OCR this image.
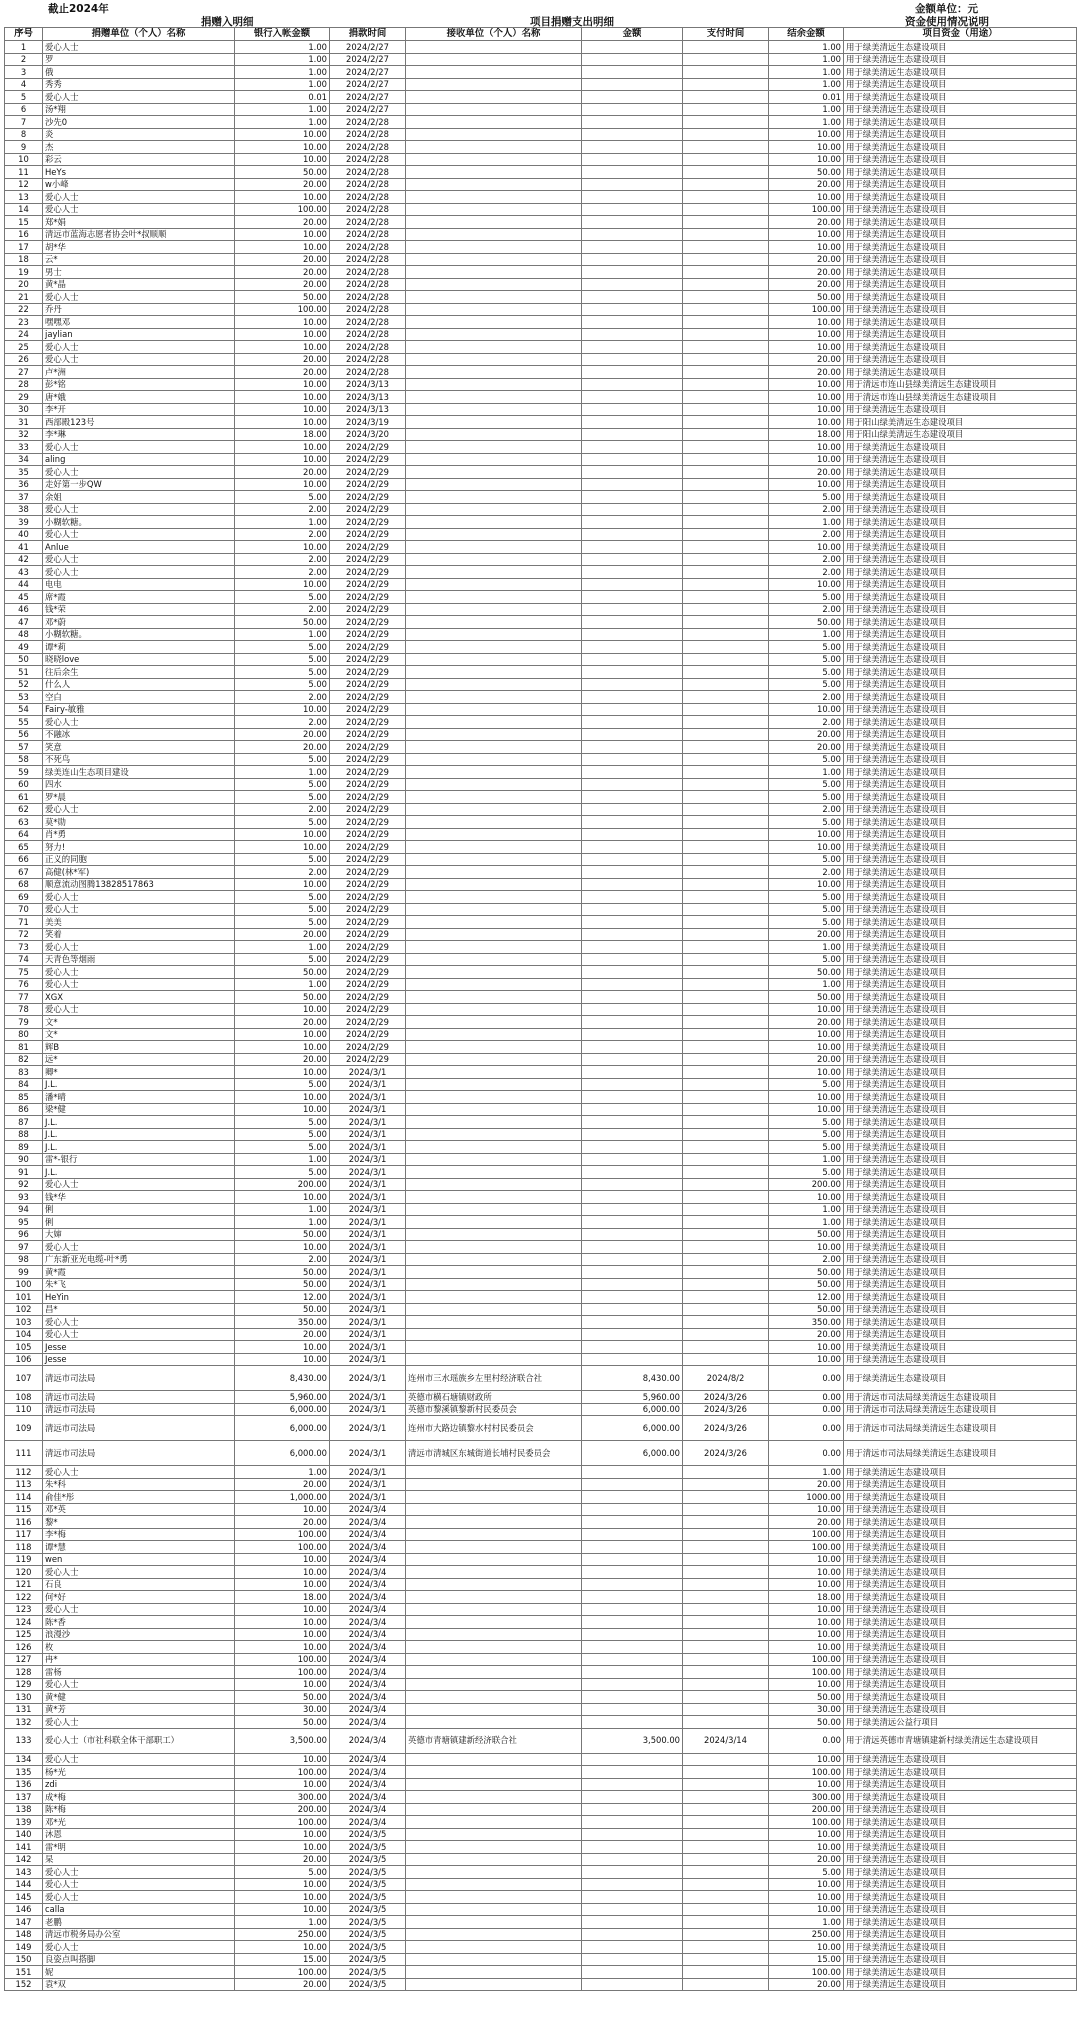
截止2024年	金额单位：元
捐赠入明细	项目捐赠支出明细	资金使用情况说明
序号	捐赠单位（个人）名称	银行入帐金额	捐款时间	接收单位（个人）名称	金额	支付时间	结余金额	项目资金（用途）
1	爱心人士	1.00	2024/2/27				1.00	用于绿美清远生态建设项目
2	罗	1.00	2024/2/27				1.00	用于绿美清远生态建设项目
3	俄	1.00	2024/2/27				1.00	用于绿美清远生态建设项目
4	秀秀	1.00	2024/2/27				1.00	用于绿美清远生态建设项目
5	爱心人士	0.01	2024/2/27				0.01	用于绿美清远生态建设项目
6	汤*翔	1.00	2024/2/27				1.00	用于绿美清远生态建设项目
7	沙先0	1.00	2024/2/28				1.00	用于绿美清远生态建设项目
8	炎	10.00	2024/2/28				10.00	用于绿美清远生态建设项目
9	杰	10.00	2024/2/28				10.00	用于绿美清远生态建设项目
10	彩云	10.00	2024/2/28				10.00	用于绿美清远生态建设项目
11	HeYs	50.00	2024/2/28				50.00	用于绿美清远生态建设项目
12	w小峰	20.00	2024/2/28				20.00	用于绿美清远生态建设项目
13	爱心人士	10.00	2024/2/28				10.00	用于绿美清远生态建设项目
14	爱心人士	100.00	2024/2/28				100.00	用于绿美清远生态建设项目
15	郑*娟	20.00	2024/2/28				20.00	用于绿美清远生态建设项目
16	清远市蓝海志愿者协会叶*叔顺顺	10.00	2024/2/28				10.00	用于绿美清远生态建设项目
17	胡*华	10.00	2024/2/28				10.00	用于绿美清远生态建设项目
18	云*	20.00	2024/2/28				20.00	用于绿美清远生态建设项目
19	男士	20.00	2024/2/28				20.00	用于绿美清远生态建设项目
20	黄*晶	20.00	2024/2/28				20.00	用于绿美清远生态建设项目
21	爱心人士	50.00	2024/2/28				50.00	用于绿美清远生态建设项目
22	乔丹	100.00	2024/2/28				100.00	用于绿美清远生态建设项目
23	嘿嘿邓	10.00	2024/2/28				10.00	用于绿美清远生态建设项目
24	jaylian	10.00	2024/2/28				10.00	用于绿美清远生态建设项目
25	爱心人士	10.00	2024/2/28				10.00	用于绿美清远生态建设项目
26	爱心人士	20.00	2024/2/28				20.00	用于绿美清远生态建设项目
27	卢*洲	20.00	2024/2/28				20.00	用于绿美清远生态建设项目
28	彭*铭	10.00	2024/3/13				10.00	用于清远市连山县绿美清远生态建设项目
29	唐*娥	10.00	2024/3/13				10.00	用于清远市连山县绿美清远生态建设项目
30	李*开	10.00	2024/3/13				10.00	用于绿美清远生态建设项目
31	西部殿123号	10.00	2024/3/19				10.00	用于阳山绿美清远生态建设项目
32	李*琳	18.00	2024/3/20				18.00	用于阳山绿美清远生态建设项目
33	爱心人士	10.00	2024/2/29				10.00	用于绿美清远生态建设项目
34	aling	10.00	2024/2/29				10.00	用于绿美清远生态建设项目
35	爱心人士	20.00	2024/2/29				20.00	用于绿美清远生态建设项目
36	走好第一步QW	10.00	2024/2/29				10.00	用于绿美清远生态建设项目
37	余姐	5.00	2024/2/29				5.00	用于绿美清远生态建设项目
38	爱心人士	2.00	2024/2/29				2.00	用于绿美清远生态建设项目
39	小糊软糖。	1.00	2024/2/29				1.00	用于绿美清远生态建设项目
40	爱心人士	2.00	2024/2/29				2.00	用于绿美清远生态建设项目
41	Anlue	10.00	2024/2/29				10.00	用于绿美清远生态建设项目
42	爱心人士	2.00	2024/2/29				2.00	用于绿美清远生态建设项目
43	爱心人士	2.00	2024/2/29				2.00	用于绿美清远生态建设项目
44	电电	10.00	2024/2/29				10.00	用于绿美清远生态建设项目
45	席*霞	5.00	2024/2/29				5.00	用于绿美清远生态建设项目
46	钱*荣	2.00	2024/2/29				2.00	用于绿美清远生态建设项目
47	邓*蔚	50.00	2024/2/29				50.00	用于绿美清远生态建设项目
48	小糊软糖。	1.00	2024/2/29				1.00	用于绿美清远生态建设项目
49	谭*莉	5.00	2024/2/29				5.00	用于绿美清远生态建设项目
50	晓晓love	5.00	2024/2/29				5.00	用于绿美清远生态建设项目
51	往后余生	5.00	2024/2/29				5.00	用于绿美清远生态建设项目
52	什么人	5.00	2024/2/29				5.00	用于绿美清远生态建设项目
53	空白	2.00	2024/2/29				2.00	用于绿美清远生态建设项目
54	Fairy-敏雅	10.00	2024/2/29				10.00	用于绿美清远生态建设项目
55	爱心人士	2.00	2024/2/29				2.00	用于绿美清远生态建设项目
56	不融冰	20.00	2024/2/29				20.00	用于绿美清远生态建设项目
57	笑意	20.00	2024/2/29				20.00	用于绿美清远生态建设项目
58	不死鸟	5.00	2024/2/29				5.00	用于绿美清远生态建设项目
59	绿美连山生态项目建设	1.00	2024/2/29				1.00	用于绿美清远生态建设项目
60	四水	5.00	2024/2/29				5.00	用于绿美清远生态建设项目
61	罗*晨	5.00	2024/2/29				5.00	用于绿美清远生态建设项目
62	爱心人士	2.00	2024/2/29				2.00	用于绿美清远生态建设项目
63	莫*勋	5.00	2024/2/29				5.00	用于绿美清远生态建设项目
64	肖*勇	10.00	2024/2/29				10.00	用于绿美清远生态建设项目
65	努力!	10.00	2024/2/29				10.00	用于绿美清远生态建设项目
66	正义的同胞	5.00	2024/2/29				5.00	用于绿美清远生态建设项目
67	高健(林*军)	2.00	2024/2/29				2.00	用于绿美清远生态建设项目
68	顺意流动图腾13828517863	10.00	2024/2/29				10.00	用于绿美清远生态建设项目
69	爱心人士	5.00	2024/2/29				5.00	用于绿美清远生态建设项目
70	爱心人士	5.00	2024/2/29				5.00	用于绿美清远生态建设项目
71	美美	5.00	2024/2/29				5.00	用于绿美清远生态建设项目
72	笑着	20.00	2024/2/29				20.00	用于绿美清远生态建设项目
73	爱心人士	1.00	2024/2/29				1.00	用于绿美清远生态建设项目
74	天青色等烟雨	5.00	2024/2/29				5.00	用于绿美清远生态建设项目
75	爱心人士	50.00	2024/2/29				50.00	用于绿美清远生态建设项目
76	爱心人士	1.00	2024/2/29				1.00	用于绿美清远生态建设项目
77	XGX	50.00	2024/2/29				50.00	用于绿美清远生态建设项目
78	爱心人士	10.00	2024/2/29				10.00	用于绿美清远生态建设项目
79	文*	20.00	2024/2/29				20.00	用于绿美清远生态建设项目
80	文*	10.00	2024/2/29				10.00	用于绿美清远生态建设项目
81	辉B	10.00	2024/2/29				10.00	用于绿美清远生态建设项目
82	远*	20.00	2024/2/29				20.00	用于绿美清远生态建设项目
83	卿*	10.00	2024/3/1				10.00	用于绿美清远生态建设项目
84	J.L.	5.00	2024/3/1				5.00	用于绿美清远生态建设项目
85	潘*晴	10.00	2024/3/1				10.00	用于绿美清远生态建设项目
86	梁*健	10.00	2024/3/1				10.00	用于绿美清远生态建设项目
87	J.L.	5.00	2024/3/1				5.00	用于绿美清远生态建设项目
88	J.L.	5.00	2024/3/1				5.00	用于绿美清远生态建设项目
89	J.L.	5.00	2024/3/1				5.00	用于绿美清远生态建设项目
90	雷*-银行	1.00	2024/3/1				1.00	用于绿美清远生态建设项目
91	J.L.	5.00	2024/3/1				5.00	用于绿美清远生态建设项目
92	爱心人士	200.00	2024/3/1				200.00	用于绿美清远生态建设项目
93	钱*华	10.00	2024/3/1				10.00	用于绿美清远生态建设项目
94	俐	1.00	2024/3/1				1.00	用于绿美清远生态建设项目
95	俐	1.00	2024/3/1				1.00	用于绿美清远生态建设项目
96	大婶	50.00	2024/3/1				50.00	用于绿美清远生态建设项目
97	爱心人士	10.00	2024/3/1				10.00	用于绿美清远生态建设项目
98	广东新亚光电缆-叶*勇	2.00	2024/3/1				2.00	用于绿美清远生态建设项目
99	黄*霞	50.00	2024/3/1				50.00	用于绿美清远生态建设项目
100	朱*飞	50.00	2024/3/1				50.00	用于绿美清远生态建设项目
101	HeYin	12.00	2024/3/1				12.00	用于绿美清远生态建设项目
102	昌*	50.00	2024/3/1				50.00	用于绿美清远生态建设项目
103	爱心人士	350.00	2024/3/1				350.00	用于绿美清远生态建设项目
104	爱心人士	20.00	2024/3/1				20.00	用于绿美清远生态建设项目
105	Jesse	10.00	2024/3/1				10.00	用于绿美清远生态建设项目
106	Jesse	10.00	2024/3/1				10.00	用于绿美清远生态建设项目
107	清远市司法局	8,430.00	2024/3/1	连州市三水瑶族乡左里村经济联合社	8,430.00	2024/8/2	0.00	用于绿美清远生态建设项目
108	清远市司法局	5,960.00	2024/3/1	英德市横石塘镇财政所	5,960.00	2024/3/26	0.00	用于清远市司法局绿美清远生态建设项目
110	清远市司法局	6,000.00	2024/3/1	英德市黎溪镇黎新村民委员会	6,000.00	2024/3/26	0.00	用于清远市司法局绿美清远生态建设项目
109	清远市司法局	6,000.00	2024/3/1	连州市大路边镇黎水村村民委员会	6,000.00	2024/3/26	0.00	用于清远市司法局绿美清远生态建设项目
111	清远市司法局	6,000.00	2024/3/1	清远市清城区东城街道长埔村民委员会	6,000.00	2024/3/26	0.00	用于清远市司法局绿美清远生态建设项目
112	爱心人士	1.00	2024/3/1				1.00	用于绿美清远生态建设项目
113	朱*科	20.00	2024/3/1				20.00	用于绿美清远生态建设项目
114	俞佳*彤	1,000.00	2024/3/1				1000.00	用于绿美清远生态建设项目
115	邓*英	10.00	2024/3/4				10.00	用于绿美清远生态建设项目
116	黎*	20.00	2024/3/4				20.00	用于绿美清远生态建设项目
117	李*梅	100.00	2024/3/4				100.00	用于绿美清远生态建设项目
118	谭*慧	100.00	2024/3/4				100.00	用于绿美清远生态建设项目
119	wen	10.00	2024/3/4				10.00	用于绿美清远生态建设项目
120	爱心人士	10.00	2024/3/4				10.00	用于绿美清远生态建设项目
121	石良	10.00	2024/3/4				10.00	用于绿美清远生态建设项目
122	何*好	18.00	2024/3/4				18.00	用于绿美清远生态建设项目
123	爱心人士	10.00	2024/3/4				10.00	用于绿美清远生态建设项目
124	陈*香	10.00	2024/3/4				10.00	用于绿美清远生态建设项目
125	浪漫沙	10.00	2024/3/4				10.00	用于绿美清远生态建设项目
126	枚	10.00	2024/3/4				10.00	用于绿美清远生态建设项目
127	冉*	100.00	2024/3/4				100.00	用于绿美清远生态建设项目
128	雷杨	100.00	2024/3/4				100.00	用于绿美清远生态建设项目
129	爱心人士	10.00	2024/3/4				10.00	用于绿美清远生态建设项目
130	黄*健	50.00	2024/3/4				50.00	用于绿美清远生态建设项目
131	黄*芳	30.00	2024/3/4				30.00	用于绿美清远生态建设项目
132	爱心人士	50.00	2024/3/4				50.00	用于绿美清远公益行项目
133	爱心人士（市社科联全体干部职工）	3,500.00	2024/3/4	英德市青塘镇建新经济联合社	3,500.00	2024/3/14	0.00	用于清远英德市青塘镇建新村绿美清远生态建设项目
134	爱心人士	10.00	2024/3/4				10.00	用于绿美清远生态建设项目
135	杨*光	100.00	2024/3/4				100.00	用于绿美清远生态建设项目
136	zdi	10.00	2024/3/4				10.00	用于绿美清远生态建设项目
137	成*梅	300.00	2024/3/4				300.00	用于绿美清远生态建设项目
138	陈*梅	200.00	2024/3/4				200.00	用于绿美清远生态建设项目
139	邓*光	100.00	2024/3/4				100.00	用于绿美清远生态建设项目
140	沐恩	10.00	2024/3/5				10.00	用于绿美清远生态建设项目
141	雷*明	10.00	2024/3/5				10.00	用于绿美清远生态建设项目
142	杲	20.00	2024/3/5				20.00	用于绿美清远生态建设项目
143	爱心人士	5.00	2024/3/5				5.00	用于绿美清远生态建设项目
144	爱心人士	10.00	2024/3/5				10.00	用于绿美清远生态建设项目
145	爱心人士	10.00	2024/3/5				10.00	用于绿美清远生态建设项目
146	calla	10.00	2024/3/5				10.00	用于绿美清远生态建设项目
147	老鹏	1.00	2024/3/5				1.00	用于绿美清远生态建设项目
148	清远市税务局办公室	250.00	2024/3/5				250.00	用于绿美清远生态建设项目
149	爱心人士	10.00	2024/3/5				10.00	用于绿美清远生态建设项目
150	良姿点叫搭脚	15.00	2024/3/5				15.00	用于绿美清远生态建设项目
151	妮	100.00	2024/3/5				100.00	用于绿美清远生态建设项目
152	袁*双	20.00	2024/3/5				20.00	用于绿美清远生态建设项目
